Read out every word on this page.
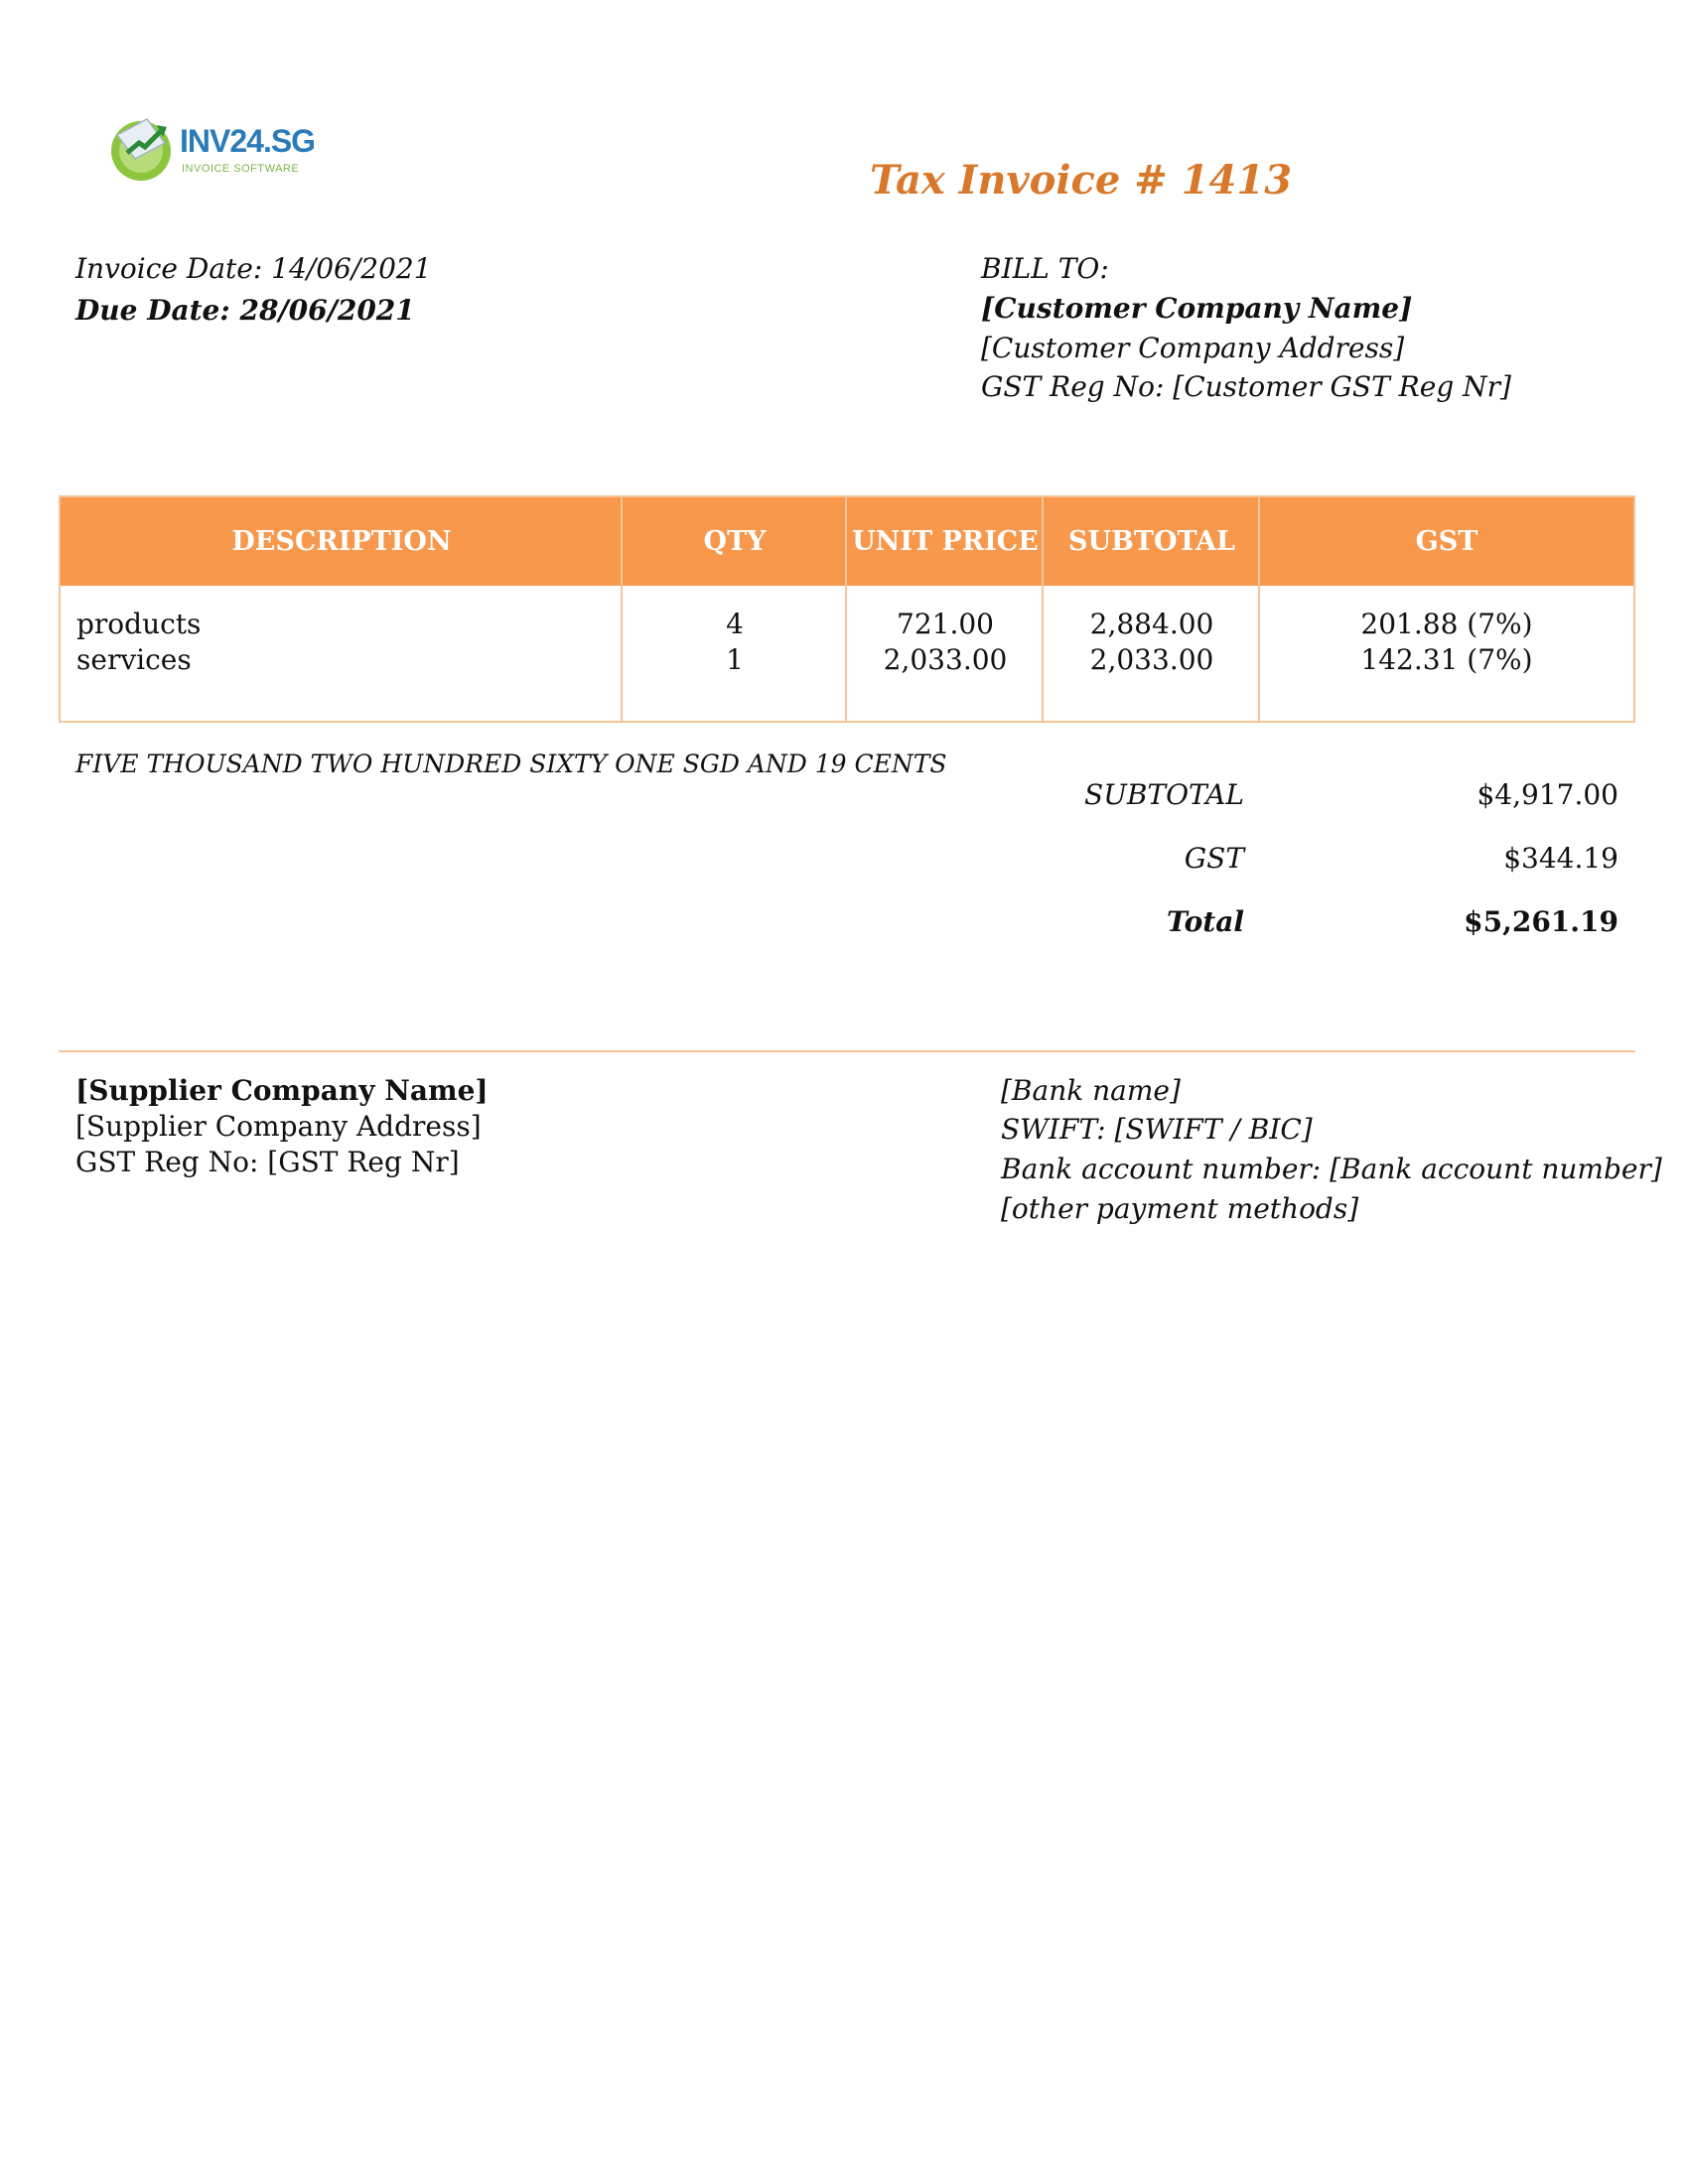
INV24.SG
INVOICE SOFTWARE	Tax Invoice # 1413
Invoice Date: 14/06/2021
Due Date: 28/06/2021
BILL TO:
[Customer Company Name]
[Customer Company Address]
GST Reg No: [Customer GST Reg Nr]
DESCRIPTION	QTY	UNIT PRICE	SUBTOTAL	GST
products	4	721.00	2,884.00	201.88 (7%)
services	1	2,033.00	2,033.00	142.31 (7%)
FIVE THOUSAND TWO HUNDRED SIXTY ONE SGD AND 19 CENTS
SUBTOTAL	$4,917.00
GST	$344.19
Total	$5,261.19
[Supplier Company Name]
[Supplier Company Address]
GST Reg No: [GST Reg Nr]
[Bank name]
SWIFT: [SWIFT / BIC]
Bank account number: [Bank account number]
[other payment methods]
